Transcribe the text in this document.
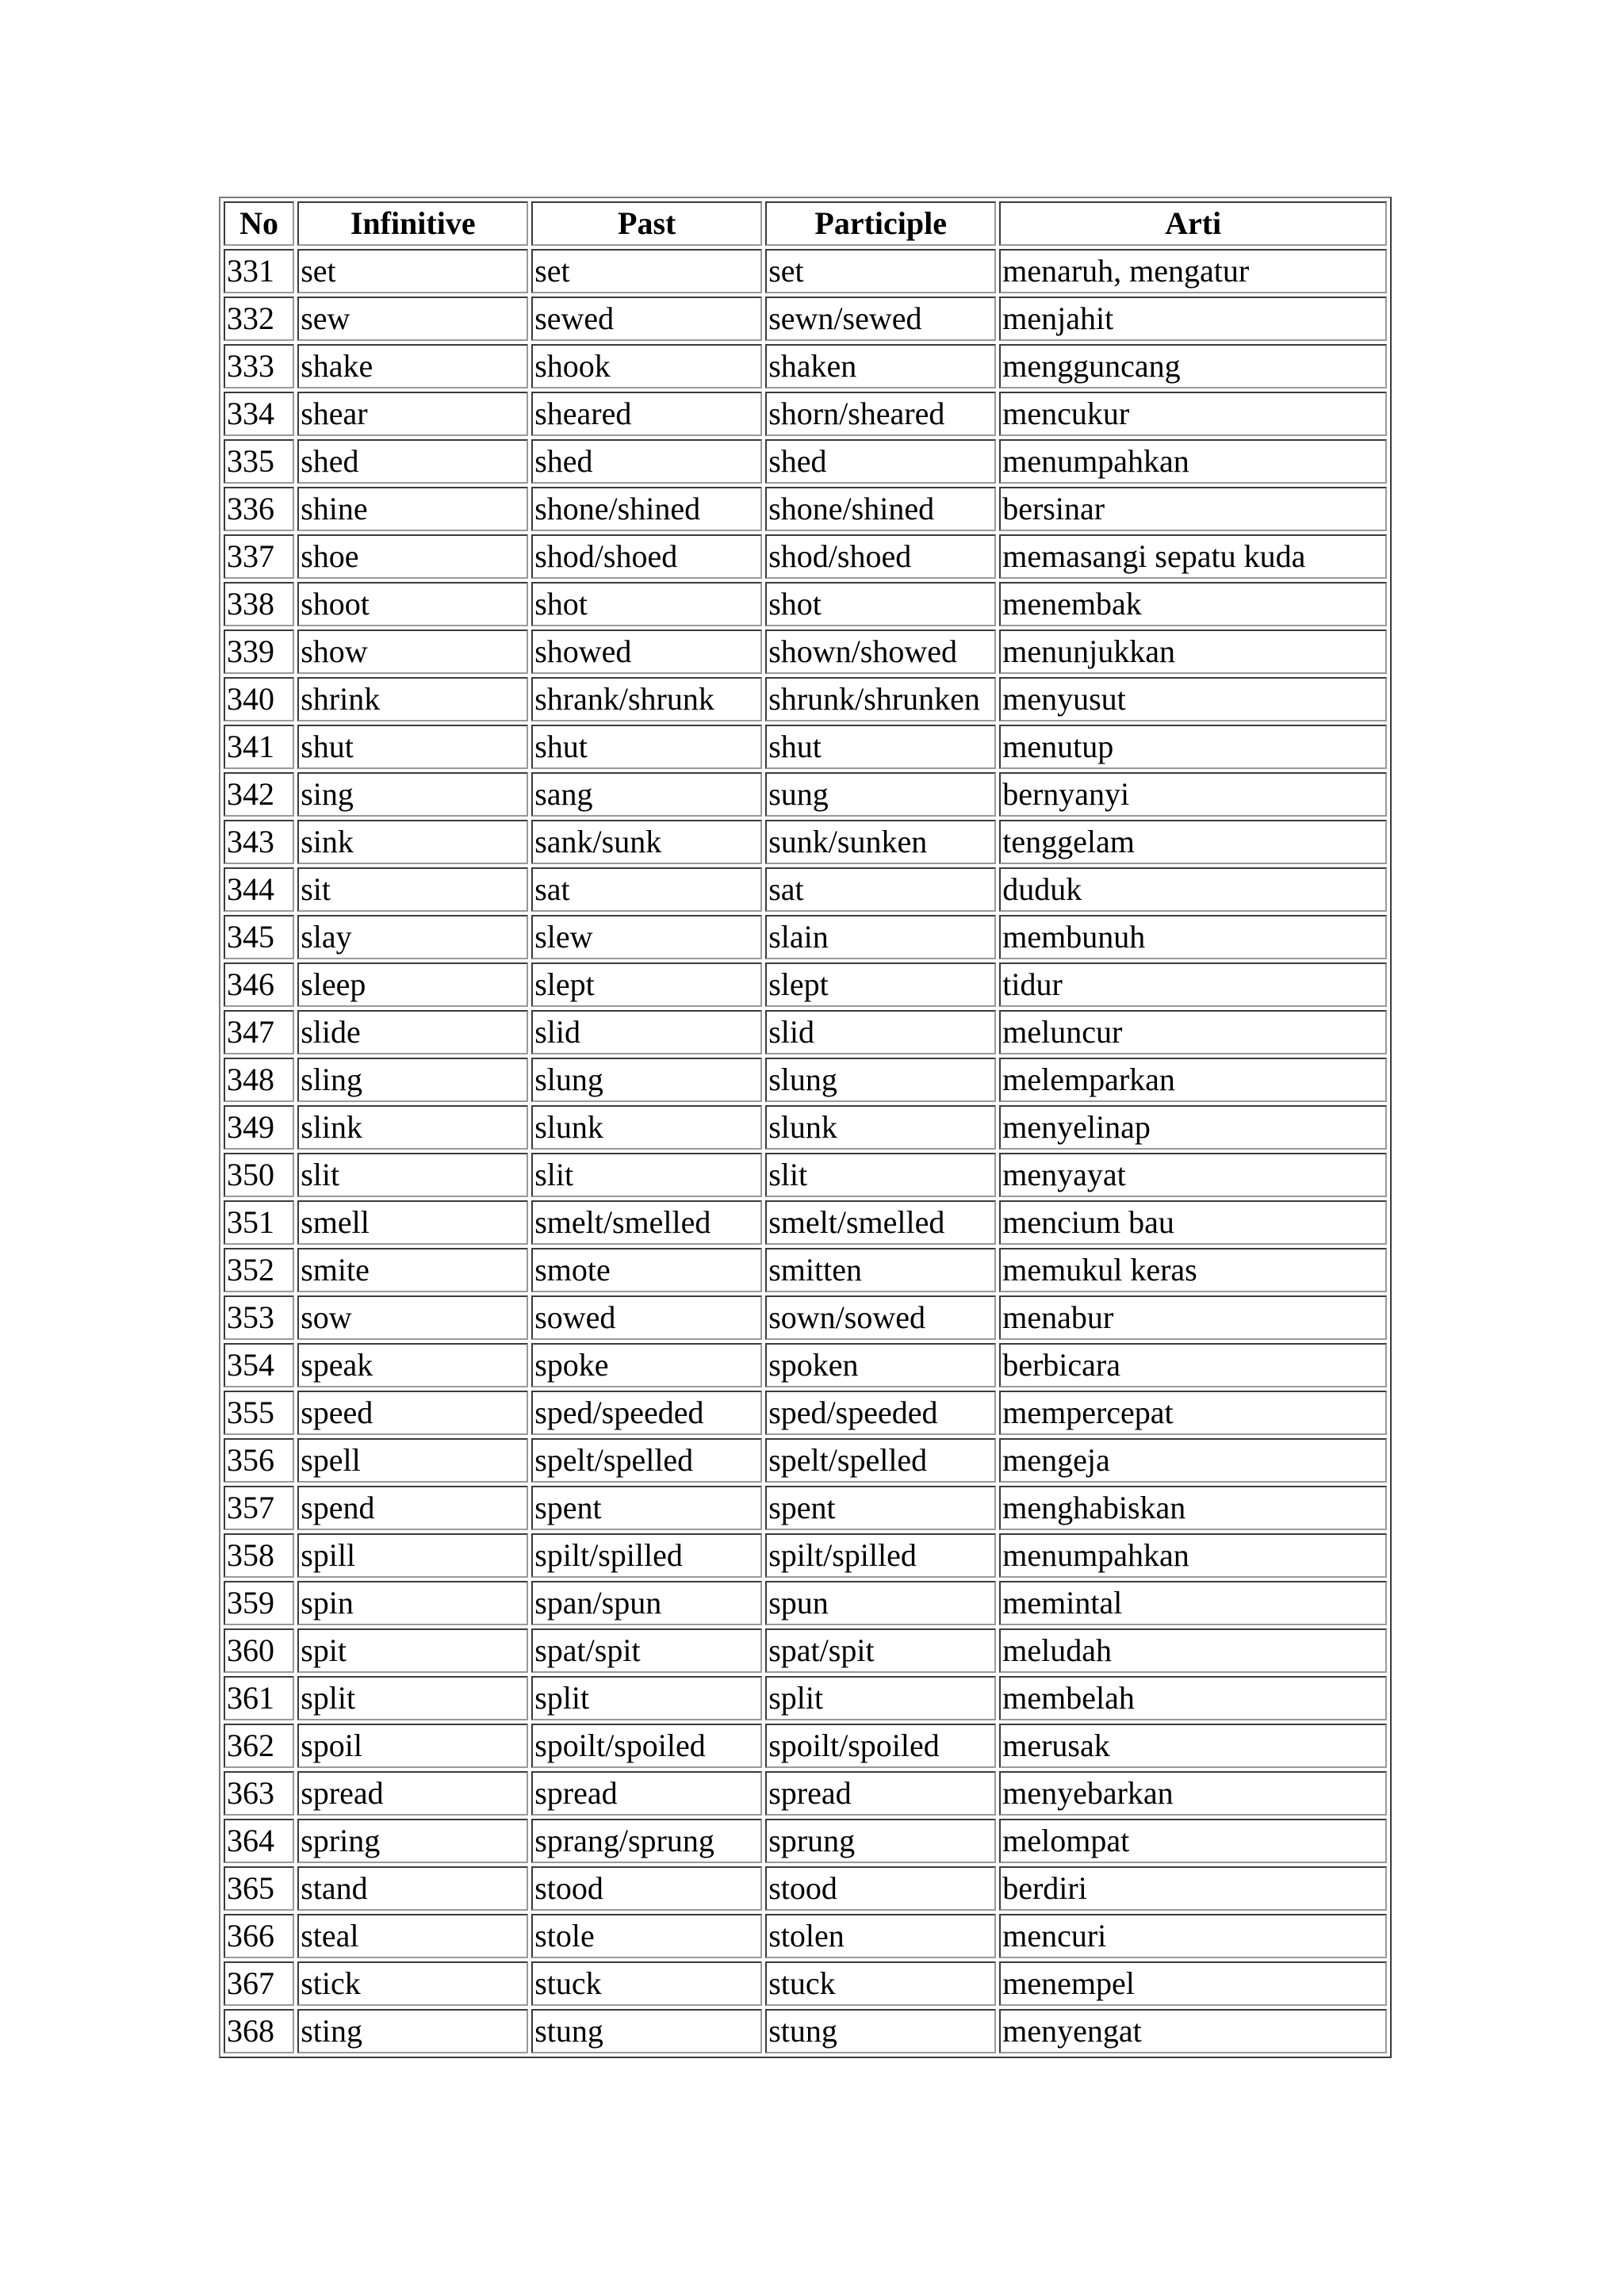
No	Infinitive	Past	Participle	Arti
331	set	set	set	menaruh, mengatur
332	sew	sewed	sewn/sewed	menjahit
333	shake	shook	shaken	mengguncang
334	shear	sheared	shorn/sheared	mencukur
335	shed	shed	shed	menumpahkan
336	shine	shone/shined	shone/shined	bersinar
337	shoe	shod/shoed	shod/shoed	memasangi sepatu kuda
338	shoot	shot	shot	menembak
339	show	showed	shown/showed	menunjukkan
340	shrink	shrank/shrunk	shrunk/shrunken	menyusut
341	shut	shut	shut	menutup
342	sing	sang	sung	bernyanyi
343	sink	sank/sunk	sunk/sunken	tenggelam
344	sit	sat	sat	duduk
345	slay	slew	slain	membunuh
346	sleep	slept	slept	tidur
347	slide	slid	slid	meluncur
348	sling	slung	slung	melemparkan
349	slink	slunk	slunk	menyelinap
350	slit	slit	slit	menyayat
351	smell	smelt/smelled	smelt/smelled	mencium bau
352	smite	smote	smitten	memukul keras
353	sow	sowed	sown/sowed	menabur
354	speak	spoke	spoken	berbicara
355	speed	sped/speeded	sped/speeded	mempercepat
356	spell	spelt/spelled	spelt/spelled	mengeja
357	spend	spent	spent	menghabiskan
358	spill	spilt/spilled	spilt/spilled	menumpahkan
359	spin	span/spun	spun	memintal
360	spit	spat/spit	spat/spit	meludah
361	split	split	split	membelah
362	spoil	spoilt/spoiled	spoilt/spoiled	merusak
363	spread	spread	spread	menyebarkan
364	spring	sprang/sprung	sprung	melompat
365	stand	stood	stood	berdiri
366	steal	stole	stolen	mencuri
367	stick	stuck	stuck	menempel
368	sting	stung	stung	menyengat
